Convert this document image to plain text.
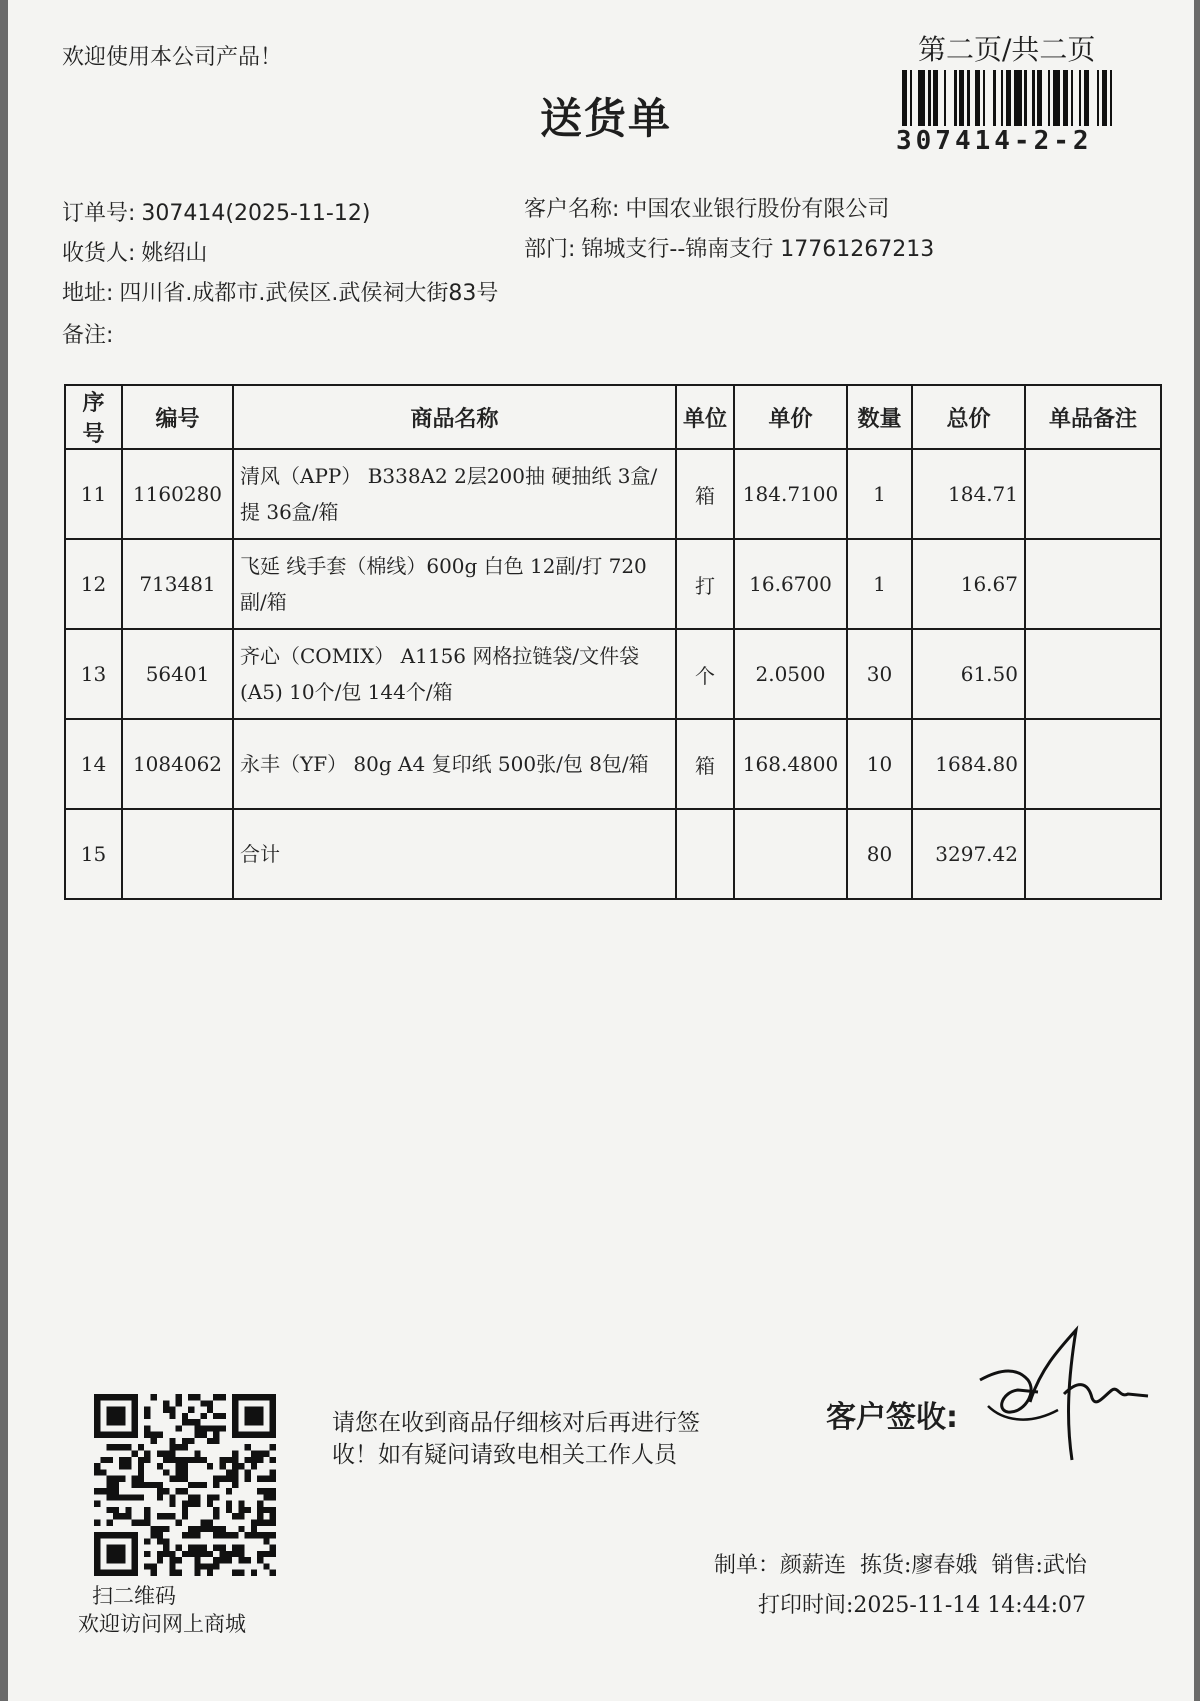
欢迎使用本公司产品！	第二页/共二页
307414-2-2
送货单
订单号: 307414(2025-11-12)
收货人: 姚绍山
地址: 四川省.成都市.武侯区.武侯祠大街83号
备注:
客户名称: 中国农业银行股份有限公司
部门: 锦城支行--锦南支行 17761267213
序号	编号	商品名称	单位	单价	数量	总价	单品备注
11	1160280	清风（APP） B338A2 2层200抽 硬抽纸 3盒/提 36盒/箱	箱	184.7100	1	184.71	
12	713481	飞延 线手套（棉线）600g 白色 12副/打 720副/箱	打	16.6700	1	16.67	
13	56401	齐心（COMIX） A1156 网格拉链袋/文件袋(A5) 10个/包 144个/箱	个	2.0500	30	61.50	
14	1084062	永丰（YF） 80g A4 复印纸 500张/包 8包/箱	箱	168.4800	10	1684.80	
15		合计			80	3297.42	
扫二维码
欢迎访问网上商城
请您在收到商品仔细核对后再进行签
收！如有疑问请致电相关工作人员
客户签收:
制单：颜薪连 拣货:廖春娥 销售:武怡
打印时间:2025-11-14 14:44:07
